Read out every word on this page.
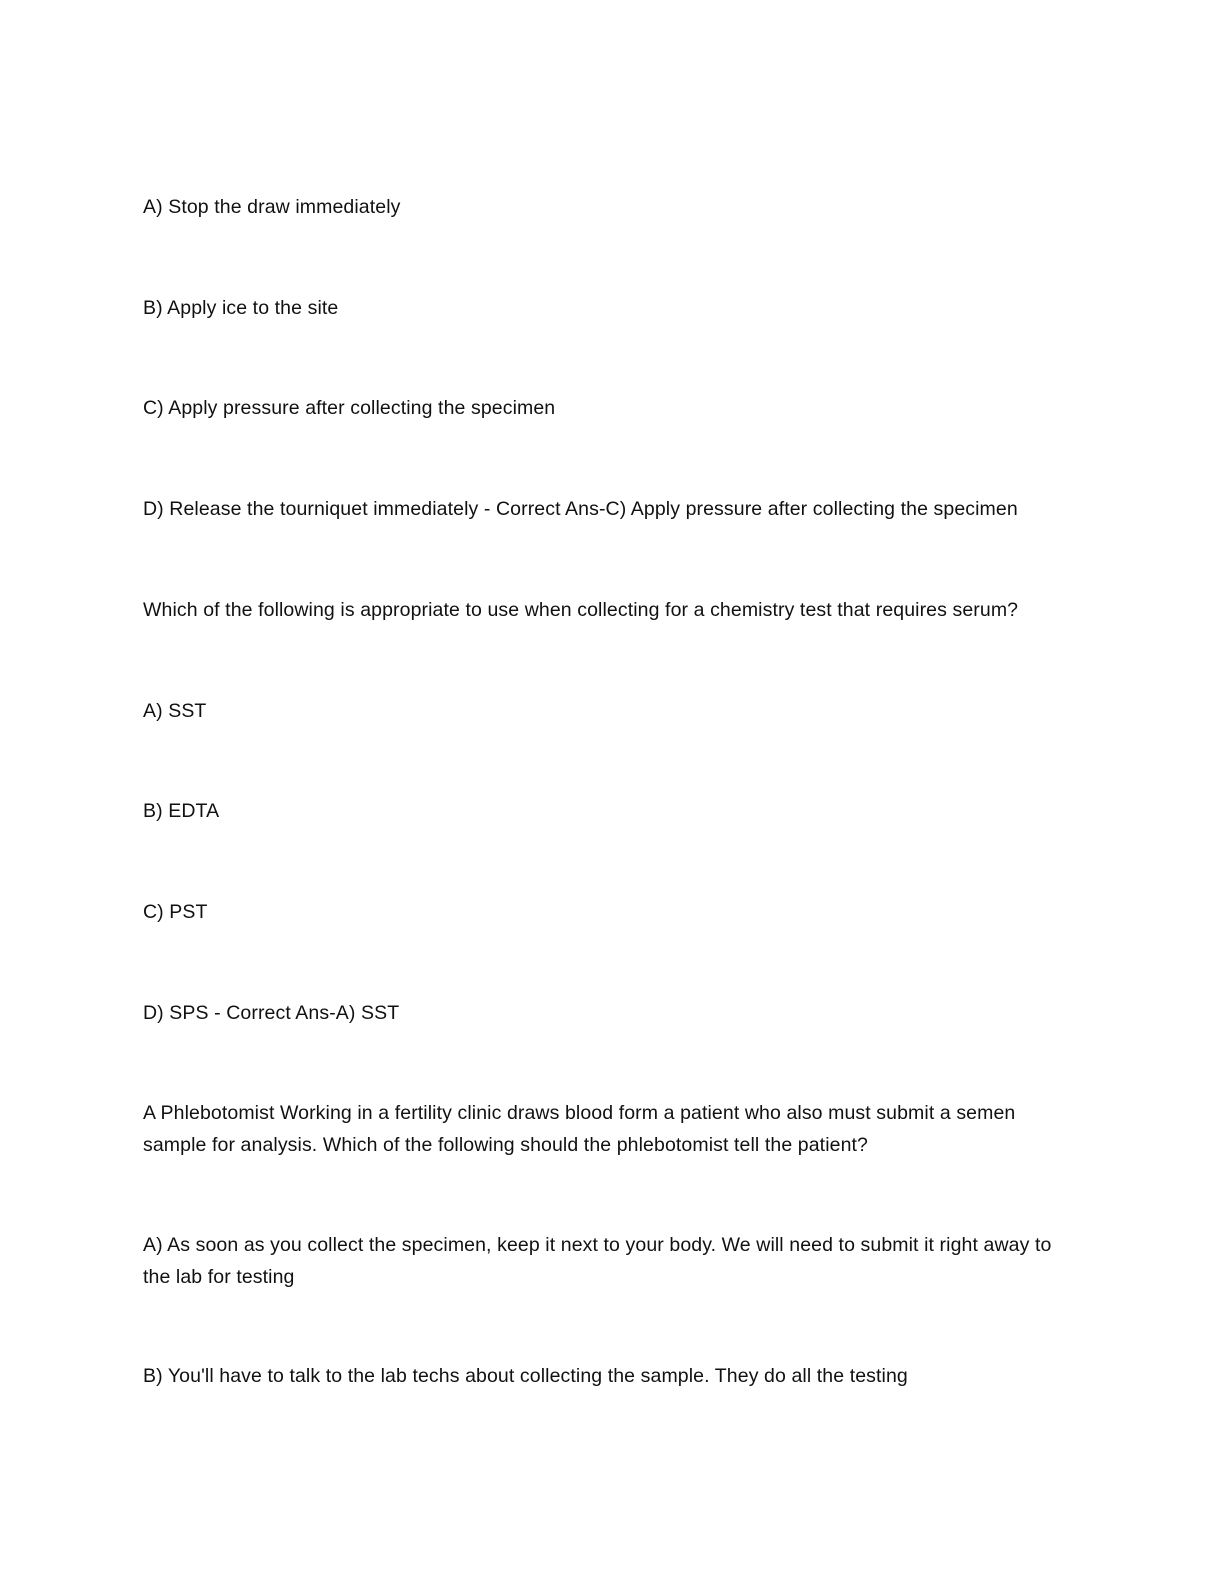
A) Stop the draw immediately
B) Apply ice to the site
C) Apply pressure after collecting the specimen
D) Release the tourniquet immediately - Correct Ans-C) Apply pressure after collecting the specimen
Which of the following is appropriate to use when collecting for a chemistry test that requires serum?
A) SST
B) EDTA
C) PST
D) SPS - Correct Ans-A) SST
A Phlebotomist Working in a fertility clinic draws blood form a patient who also must submit a semen sample for analysis. Which of the following should the phlebotomist tell the patient?
A) As soon as you collect the specimen, keep it next to your body. We will need to submit it right away to the lab for testing
B) You'll have to talk to the lab techs about collecting the sample. They do all the testing
